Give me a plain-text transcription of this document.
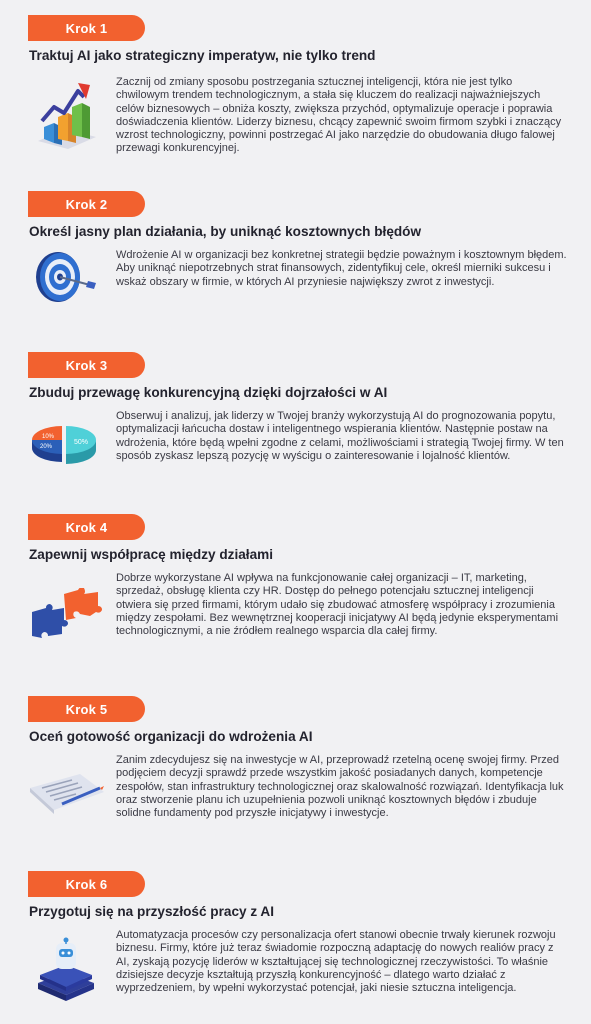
Krok 1
Traktuj AI jako strategiczny imperatyw, nie tylko trend
Zacznij od zmiany sposobu postrzegania sztucznej inteligencji, która nie jest tylko chwilowym trendem technologicznym, a stała się kluczem do realizacji najważniejszych celów biznesowych – obniża koszty, zwiększa przychód, optymalizuje operacje i poprawia doświadczenia klientów. Liderzy biznesu, chcący zapewnić swoim firmom szybki i znaczący wzrost technologiczny, powinni postrzegać AI jako narzędzie do obudowania długo falowej przewagi konkurencyjnej.
Krok 2
Określ jasny plan działania, by uniknąć kosztownych błędów
Wdrożenie AI w organizacji bez konkretnej strategii będzie poważnym i kosztownym błędem. Aby uniknąć niepotrzebnych strat finansowych, zidentyfikuj cele, określ mierniki sukcesu i wskaż obszary w firmie, w których AI przyniesie największy zwrot z inwestycji.
Krok 3
Zbuduj przewagę konkurencyjną dzięki dojrzałości w AI
10%
20%
50%
Obserwuj i analizuj, jak liderzy w Twojej branży wykorzystują AI do prognozowania popytu, optymalizacji łańcucha dostaw i inteligentnego wspierania klientów. Następnie postaw na wdrożenia, które będą wpełni zgodne z celami, możliwościami i strategią Twojej firmy. W ten sposób zyskasz lepszą pozycję w wyścigu o zainteresowanie i lojalność klientów.
Krok 4
Zapewnij współpracę między działami
Dobrze wykorzystane AI wpływa na funkcjonowanie całej organizacji – IT, marketing, sprzedaż, obsługę klienta czy HR. Dostęp do pełnego potencjału sztucznej inteligencji otwiera się przed firmami, którym udało się zbudować atmosferę współpracy i zrozumienia między zespołami. Bez wewnętrznej kooperacji inicjatywy AI będą jedynie eksperymentami technologicznymi, a nie źródłem realnego wsparcia dla całej firmy.
Krok 5
Oceń gotowość organizacji do wdrożenia AI
Zanim zdecydujesz się na inwestycje w AI, przeprowadź rzetelną ocenę swojej firmy. Przed podjęciem decyzji sprawdź przede wszystkim jakość posiadanych danych, kompetencje zespołów, stan infrastruktury technologicznej oraz skalowalność rozwiązań. Identyfikacja luk oraz stworzenie planu ich uzupełnienia pozwoli uniknąć kosztownych błędów i zbuduje solidne fundamenty pod przyszłe inicjatywy i inwestycje.
Krok 6
Przygotuj się na przyszłość pracy z AI
Automatyzacja procesów czy personalizacja ofert stanowi obecnie trwały kierunek rozwoju biznesu. Firmy, które już teraz świadomie rozpoczną adaptację do nowych realiów pracy z AI, zyskają pozycję liderów w kształtującej się technologicznej rzeczywistości. To właśnie dzisiejsze decyzje kształtują przyszłą konkurencyjność – dlatego warto działać z wyprzedzeniem, by wpełni wykorzystać potencjał, jaki niesie sztuczna inteligencja.
